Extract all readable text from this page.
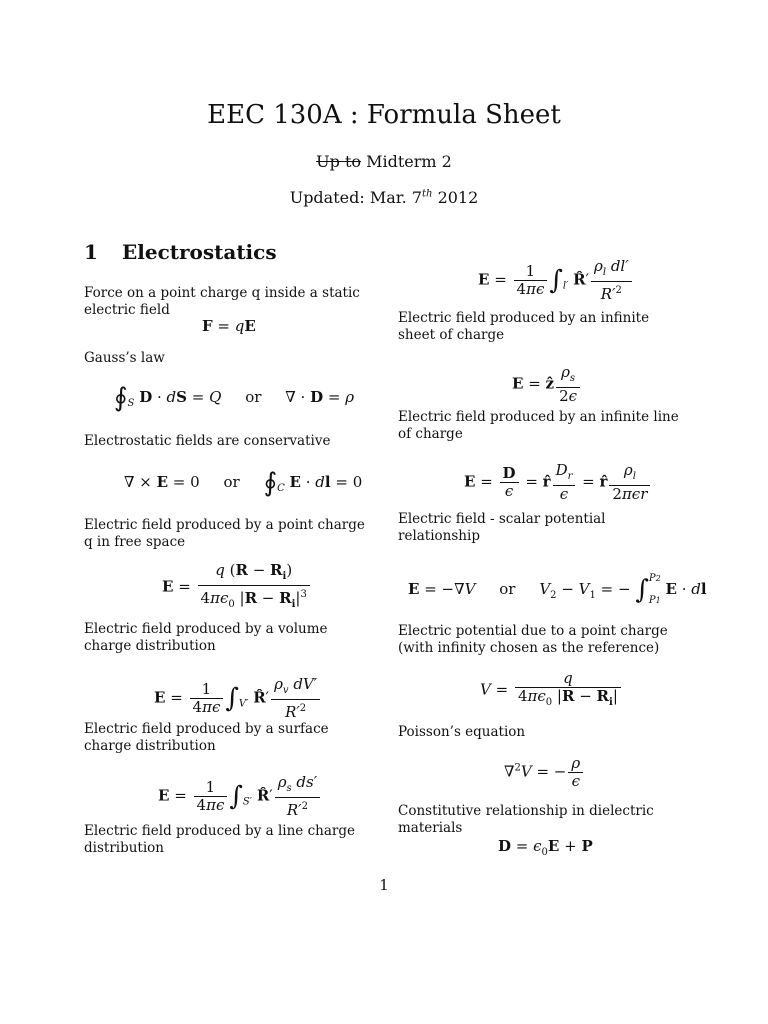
EEC 130A : Formula Sheet
Up to Midterm 2
Updated: Mar. 7th 2012
1 Electrostatics
Force on a point charge q inside a static electric field
F = qE
Gauss’s law
$∮_S$ D · dS = Q or     ∇ · D = ρ
Electrostatic fields are conservative
∇ × E = 0     or $∮_C$ E · dl = 0
Electric field produced by a point charge q in free space
$E = \frac{q (R - R_i)}{4\pi\epsilon_0 |R - R_i|^3}$
Electric field produced by a volume charge distribution
$E = \frac{1}{4\pi\epsilon} \int_{V'}$ R̂′ $\frac{\rho_v dV'}{R'^2}$
Electric field produced by a surface charge distribution
$E = \frac{1}{4\pi\epsilon} \int_{S'}$ R̂′ $\frac{\rho_s ds'}{R'^2}$
Electric field produced by a line charge distribution
$E = \frac{1}{4\pi\epsilon} \int_{l'}$ R̂′ $\frac{\rho_l dl'}{R'^2}$
Electric field produced by an infinite sheet of charge
E = ẑ $\frac{\rho_s}{2\epsilon}$
Electric field produced by an infinite line of charge
$E = \frac{D}{\epsilon}$ = r̂ $\frac{D_r}{\epsilon}$ = r̂ $\frac{\rho_l}{\text{2πϵr}}$
Electric field - scalar potential relationship
E = −∇V or $V_2 - V_1$ = − ∫ P2
P1
E · dl
Electric potential due to a point charge (with infinity chosen as the reference)
$V = \frac{q}{4\pi\epsilon_0 |R - R_i|}$
Poisson’s equation
∇$^2$V = − $\frac{\rho}{\epsilon}$
Constitutive relationship in dielectric materials
$D = \epsilon_0E + P$
1
